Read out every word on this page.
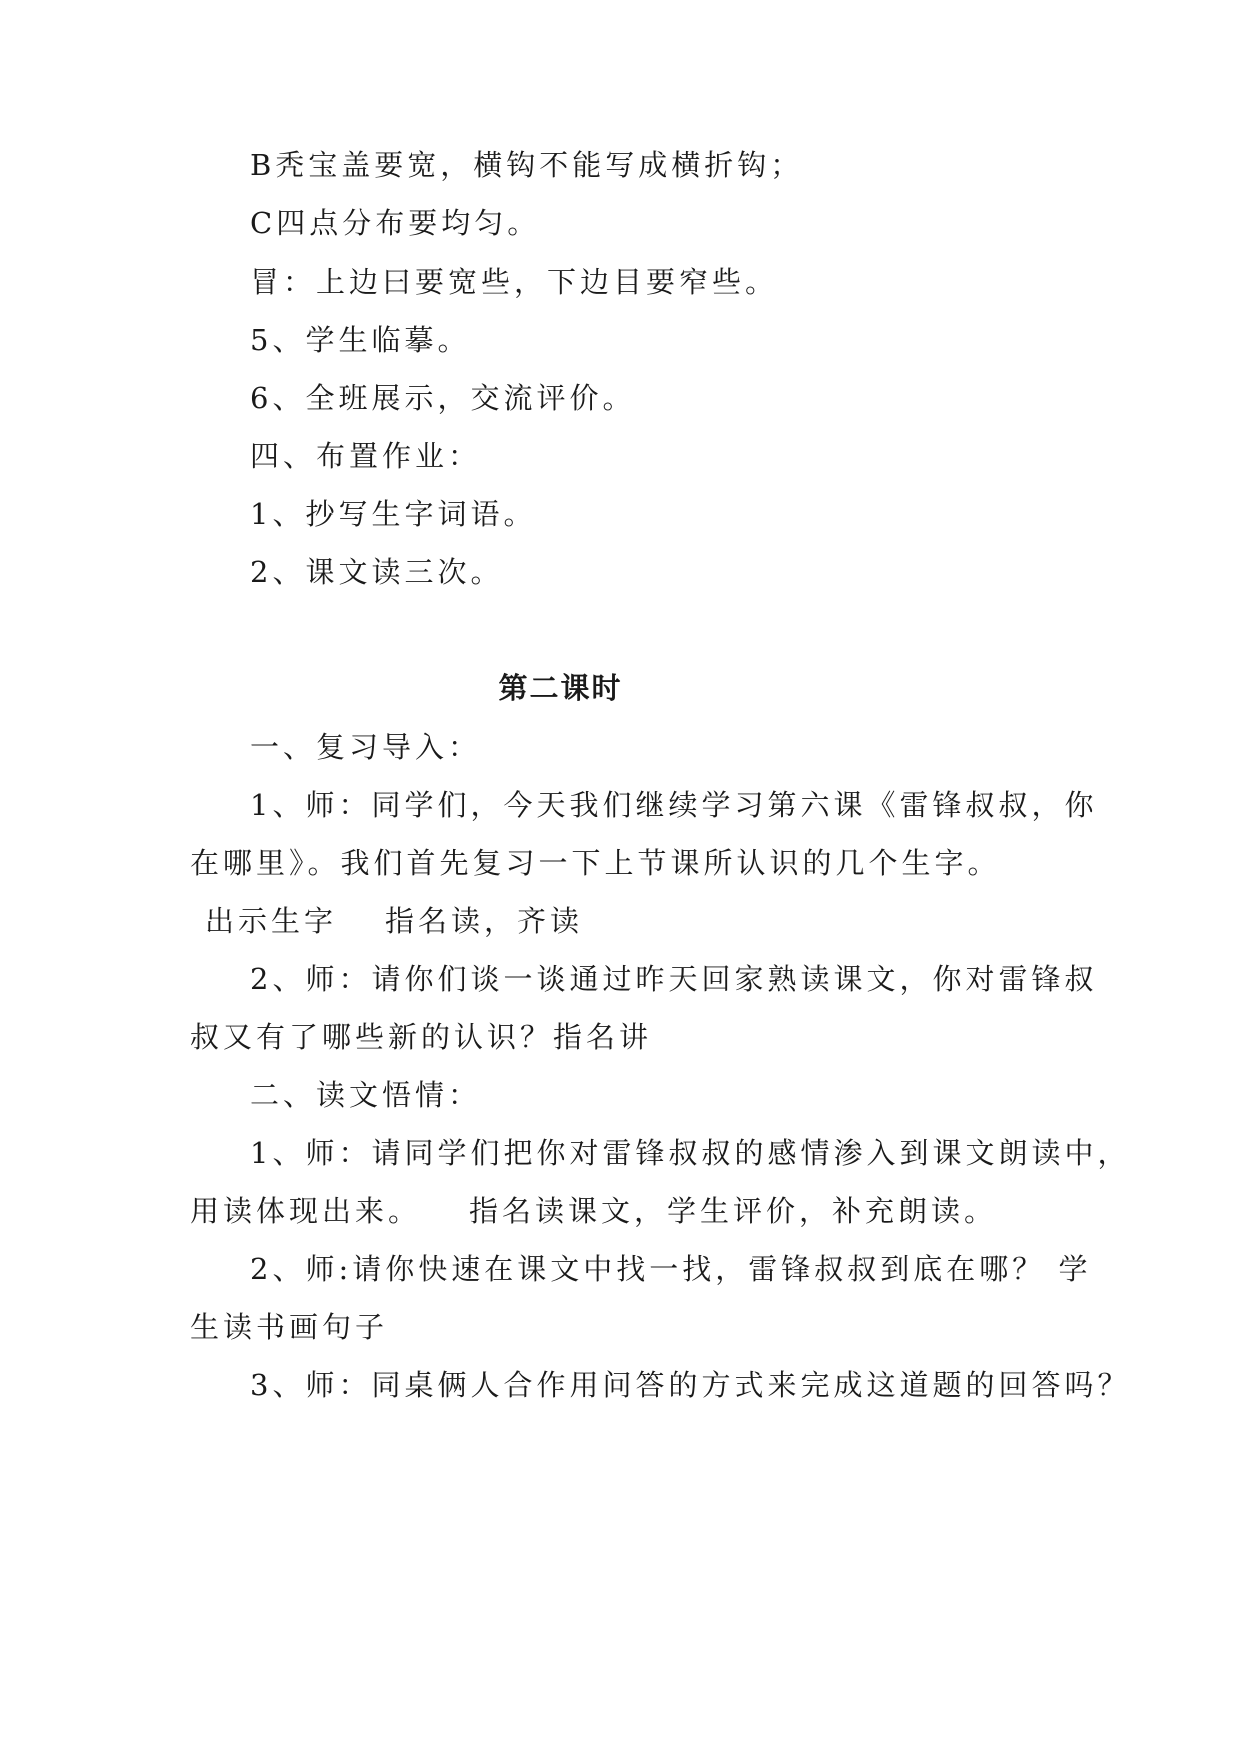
B秃宝盖要宽，横钩不能写成横折钩；
C四点分布要均匀。
冒：上边曰要宽些，下边目要窄些。
5、学生临摹。
6、全班展示，交流评价。
四、布置作业：
1、抄写生字词语。
2、课文读三次。
第二课时
一、复习导入：
1、师：同学们，今天我们继续学习第六课《雷锋叔叔，你
在哪里》。我们首先复习一下上节课所认识的几个生字。
出示生字 指名读，齐读
2、师：请你们谈一谈通过昨天回家熟读课文，你对雷锋叔
叔又有了哪些新的认识？指名讲
二、读文悟情：
1、师：请同学们把你对雷锋叔叔的感情渗入到课文朗读中，
用读体现出来。 指名读课文，学生评价，补充朗读。
2、师:请你快速在课文中找一找，雷锋叔叔到底在哪？ 学
生读书画句子
3、师：同桌俩人合作用问答的方式来完成这道题的回答吗？
